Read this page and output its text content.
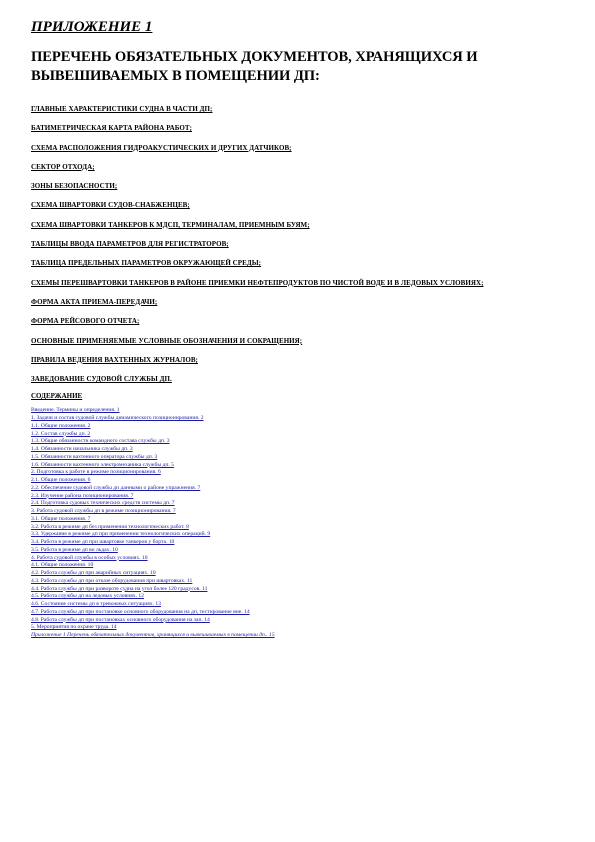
ПРИЛОЖЕНИЕ 1
ПЕРЕЧЕНЬ ОБЯЗАТЕЛЬНЫХ ДОКУМЕНТОВ, ХРАНЯЩИХСЯ И ВЫВЕШИВАЕМЫХ В ПОМЕЩЕНИИ ДП:
ГЛАВНЫЕ ХАРАКТЕРИСТИКИ СУДНА В ЧАСТИ ДП;
БАТИМЕТРИЧЕСКАЯ КАРТА РАЙОНА РАБОТ;
СХЕМА РАСПОЛОЖЕНИЯ ГИДРОАКУСТИЧЕСКИХ И ДРУГИХ ДАТЧИКОВ;
СЕКТОР ОТХОДА;
ЗОНЫ БЕЗОПАСНОСТИ;
СХЕМА ШВАРТОВКИ СУДОВ-СНАБЖЕНЦЕВ;
СХЕМА ШВАРТОВКИ ТАНКЕРОВ К МДСП, ТЕРМИНАЛАМ, ПРИЕМНЫМ БУЯМ;
ТАБЛИЦЫ ВВОДА ПАРАМЕТРОВ ДЛЯ РЕГИСТРАТОРОВ;
ТАБЛИЦА ПРЕДЕЛЬНЫХ ПАРАМЕТРОВ ОКРУЖАЮЩЕЙ СРЕДЫ;
СХЕМЫ ПЕРЕШВАРТОВКИ ТАНКЕРОВ В РАЙОНЕ ПРИЕМКИ НЕФТЕПРОДУКТОВ ПО ЧИСТОЙ ВОДЕ И В ЛЕДОВЫХ УСЛОВИЯХ;
ФОРМА АКТА ПРИЕМА-ПЕРЕДАЧИ;
ФОРМА РЕЙСОВОГО ОТЧЕТА;
ОСНОВНЫЕ ПРИМЕНЯЕМЫЕ УСЛОВНЫЕ ОБОЗНАЧЕНИЯ И СОКРАЩЕНИЯ;
ПРАВИЛА ВЕДЕНИЯ ВАХТЕННЫХ ЖУРНАЛОВ;
ЗАВЕДОВАНИЕ СУДОВОЙ СЛУЖБЫ ДП.
СОДЕРЖАНИЕ
Введение. Термины и определения. 1
1. Задачи и состав судовой службы динамического позиционирования. 2
1.1. Общие положения. 2
1.2. Состав службы дп. 2
1.3. Общие обязанности командного состава службы дп. 3
1.4. Обязанности начальника службы дп. 3
1.5. Обязанности вахтенного оператора службы дп. 3
1.6. Обязанности вахтенного электромеханика службы дп. 5
2. Подготовка к работе в режиме позиционирования. 6
2.1. Общие положения. 6
2.2. Обеспечение судовой службы дп данными о районе упражнения. 7
2.3. Изучение района позиционирования. 7
2.4. Подготовка судовых технических средств системы дп. 7
3. Работа судовой службы дп в режиме позиционирования. 7
3.1. Общие положения. 7
3.2. Работа в режиме дп без применения технологических работ. 8
3.3. Удержание в режиме дп при применении технологических операций. 9
3.4. Работа в режиме дп при швартовке танкеров у борта. 10
3.5. Работа в режиме дп во льдах. 10
4. Работа судовой службы в особых условиях. 10
4.1. Общие положения. 10
4.2. Работа службы дп при аварийных ситуациях. 10
4.3. Работа службы дп при отказе оборудования при швартовках. 11
4.4. Работа службы дп при развороте судна на угол более 120 градусов. 11
4.5. Работа службы дп на ледовых условиях. 12
4.6. Состояние системы дп в тревожных ситуациях. 13
4.7. Работа службы дп при постановке основного оборудования на дп, тестирование вне. 14
4.8. Работа службы дп при постановках основного оборудования на зап. 14
5. Мероприятия по охране труда. 14
Приложение 1 Перечень обязательных документов, хранящихся и вывешиваемых в помещении дп.. 15
